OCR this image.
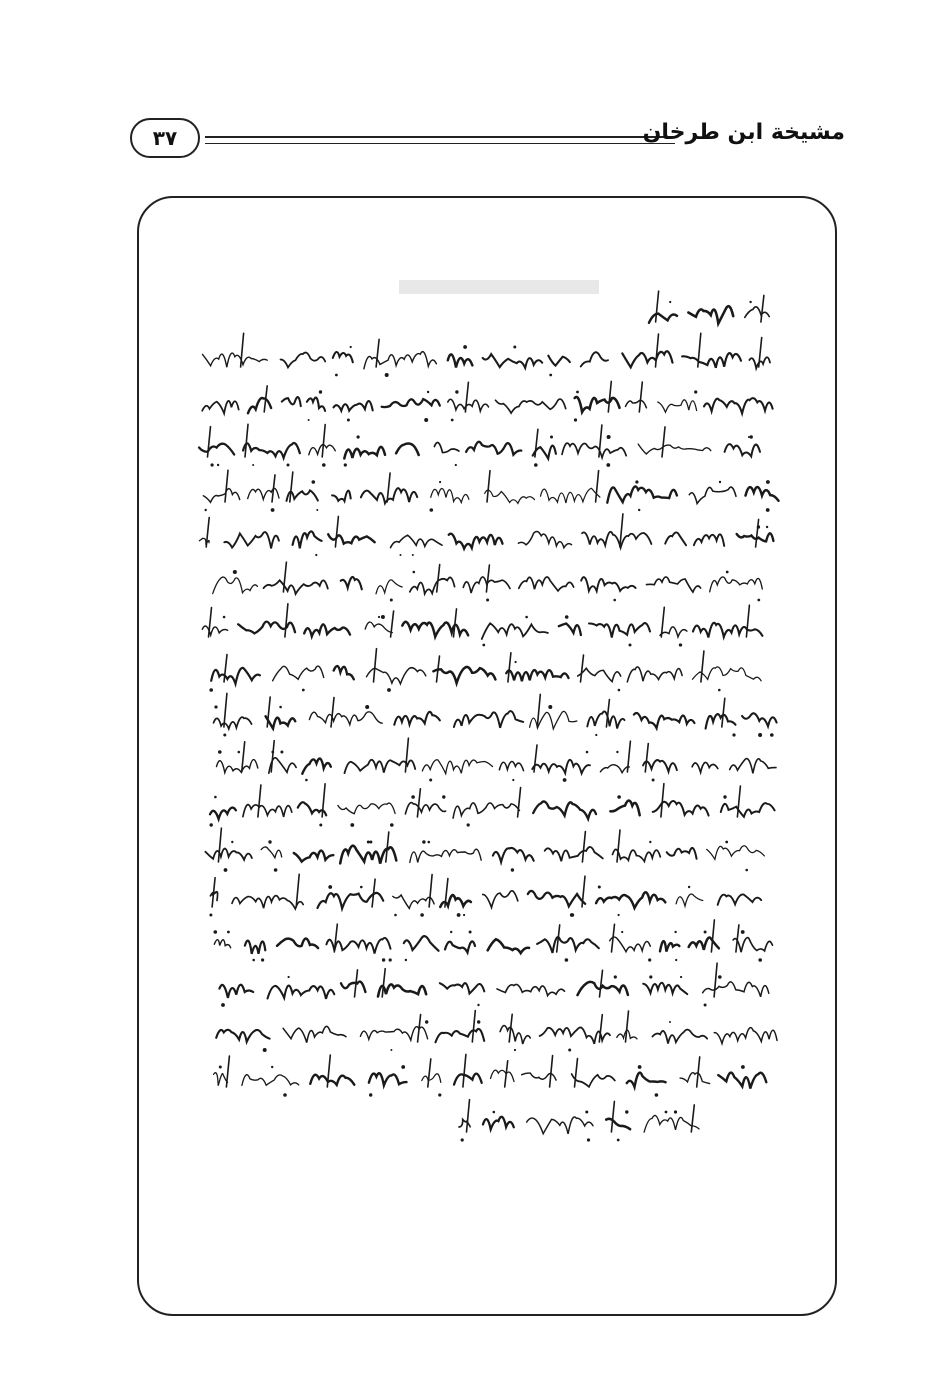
٣٧	مشيخة ابن طرخان
